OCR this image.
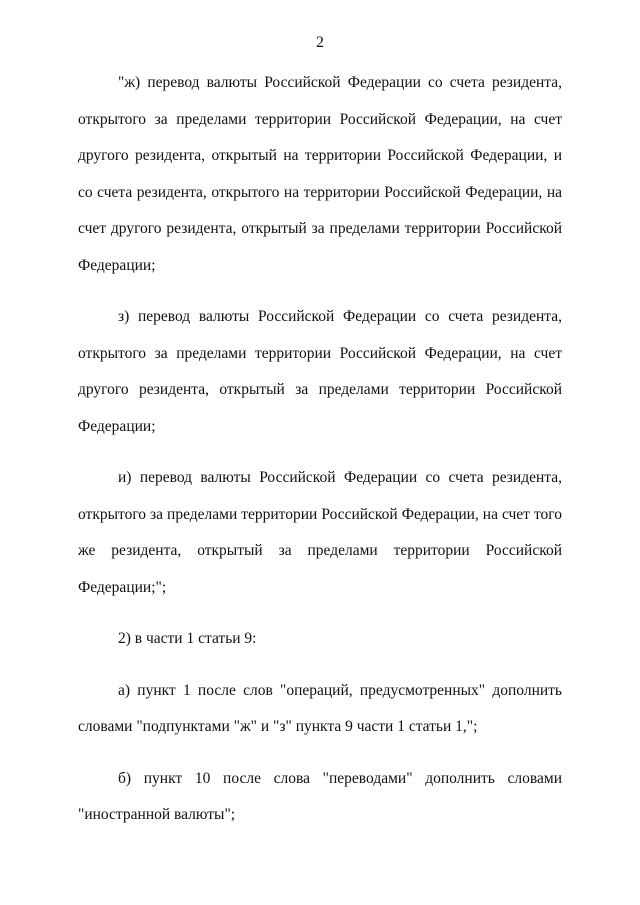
2

"ж) перевод валюты Российской Федерации со счета резидента, открытого за пределами территории Российской Федерации, на счет другого резидента, открытый на территории Российской Федерации, и со счета резидента, открытого на территории Российской Федерации, на счет другого резидента, открытый за пределами территории Российской Федерации;

з) перевод валюты Российской Федерации со счета резидента, открытого за пределами территории Российской Федерации, на счет другого резидента, открытый за пределами территории Российской Федерации;

и) перевод валюты Российской Федерации со счета резидента, открытого за пределами территории Российской Федерации, на счет того же резидента, открытый за пределами территории Российской Федерации;";

2) в части 1 статьи 9:

а) пункт 1 после слов "операций, предусмотренных" дополнить словами "подпунктами "ж" и "з" пункта 9 части 1 статьи 1,";

б) пункт 10 после слова "переводами" дополнить словами "иностранной валюты";
